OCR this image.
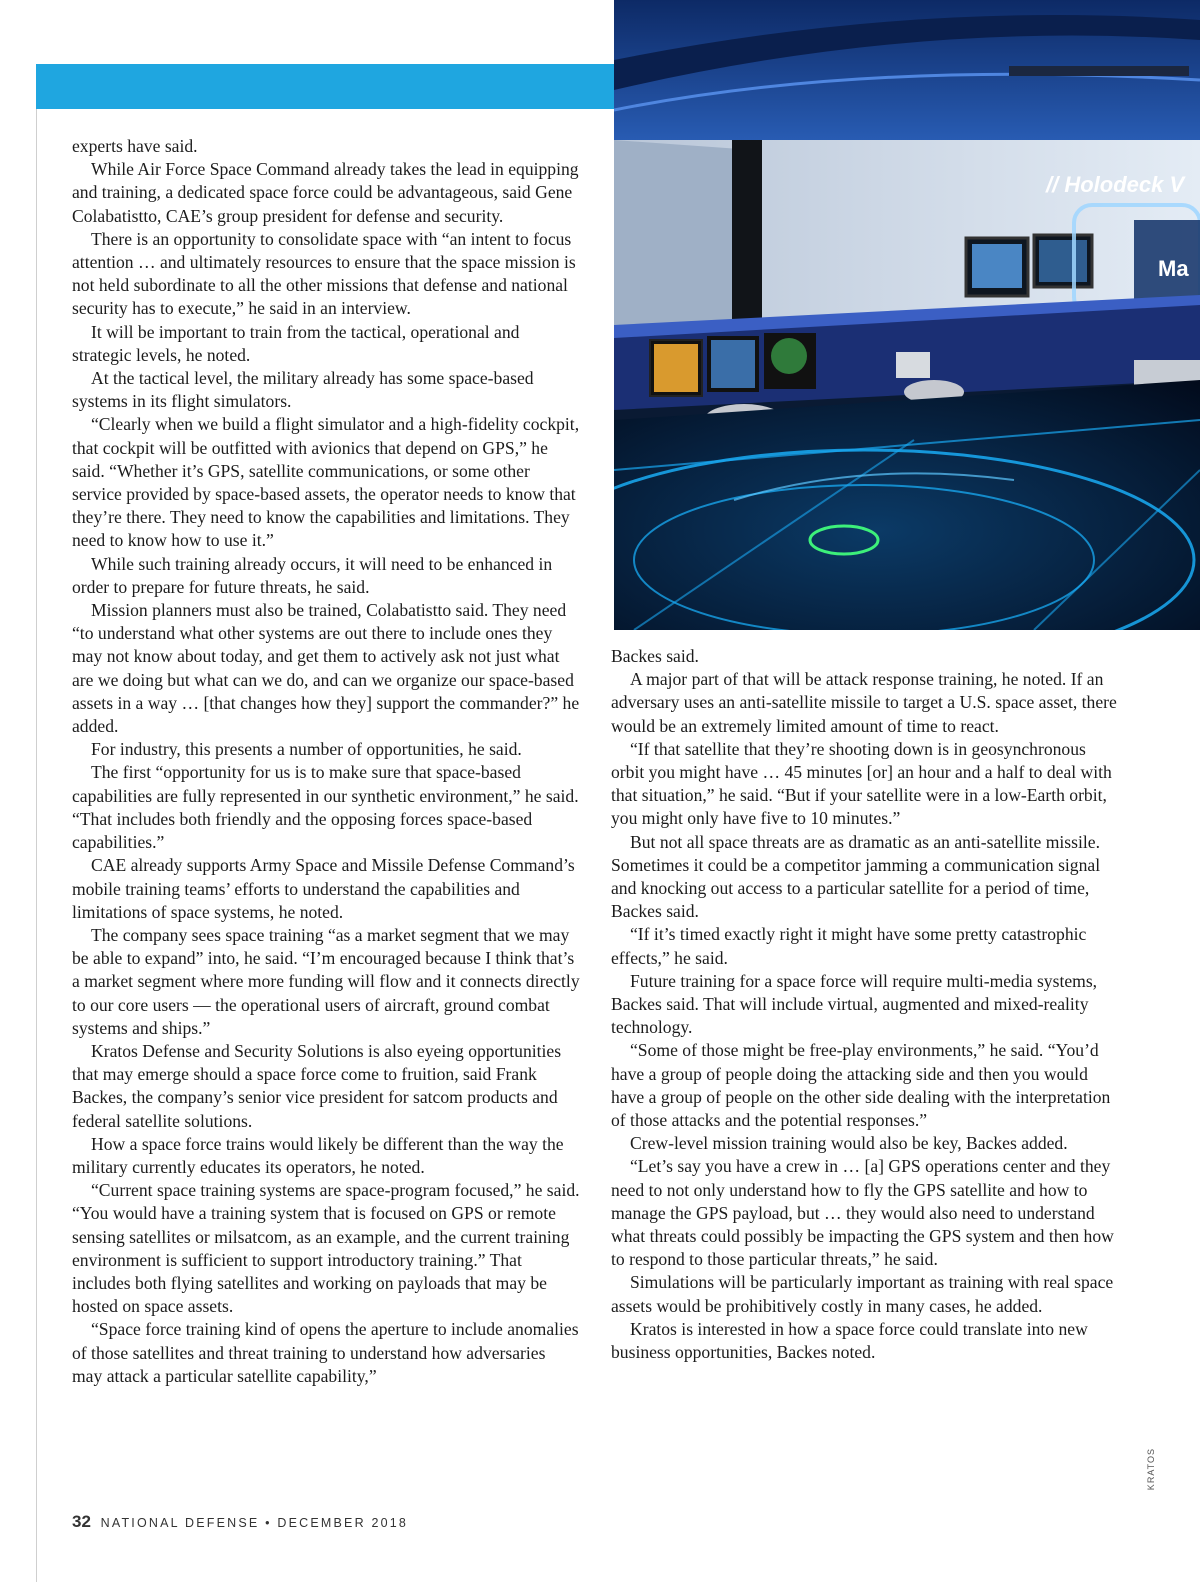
// Holodeck V
Ma
KRATOS

experts have said.

While Air Force Space Command already takes the lead in equipping and training, a dedicated space force could be advantageous, said Gene Colabatistto, CAE’s group president for defense and security.

There is an opportunity to consolidate space with “an intent to focus attention … and ultimately resources to ensure that the space mission is not held subordinate to all the other missions that defense and national security has to execute,” he said in an interview.

It will be important to train from the tactical, operational and strategic levels, he noted.

At the tactical level, the military already has some space-based systems in its flight simulators.

“Clearly when we build a flight simulator and a high-fidelity cockpit, that cockpit will be outfitted with avionics that depend on GPS,” he said. “Whether it’s GPS, satellite communications, or some other service provided by space-based assets, the operator needs to know that they’re there. They need to know the capabilities and limitations. They need to know how to use it.”

While such training already occurs, it will need to be enhanced in order to prepare for future threats, he said.

Mission planners must also be trained, Colabatistto said. They need “to understand what other systems are out there to include ones they may not know about today, and get them to actively ask not just what are we doing but what can we do, and can we organize our space-based assets in a way … [that changes how they] support the commander?” he added.

For industry, this presents a number of opportunities, he said.

The first “opportunity for us is to make sure that space-based capabilities are fully represented in our synthetic environment,” he said. “That includes both friendly and the opposing forces space-based capabilities.”

CAE already supports Army Space and Missile Defense Command’s mobile training teams’ efforts to understand the capabilities and limitations of space systems, he noted.

The company sees space training “as a market segment that we may be able to expand” into, he said. “I’m encouraged because I think that’s a market segment where more funding will flow and it connects directly to our core users — the operational users of aircraft, ground combat systems and ships.”

Kratos Defense and Security Solutions is also eyeing opportunities that may emerge should a space force come to fruition, said Frank Backes, the company’s senior vice president for satcom products and federal satellite solutions.

How a space force trains would likely be different than the way the military currently educates its operators, he noted.

“Current space training systems are space-program focused,” he said. “You would have a training system that is focused on GPS or remote sensing satellites or milsatcom, as an example, and the current training environment is sufficient to support introductory training.” That includes both flying satellites and working on payloads that may be hosted on space assets.

“Space force training kind of opens the aperture to include anomalies of those satellites and threat training to understand how adversaries may attack a particular satellite capability,”

Backes said.

A major part of that will be attack response training, he noted. If an adversary uses an anti-satellite missile to target a U.S. space asset, there would be an extremely limited amount of time to react.

“If that satellite that they’re shooting down is in geosynchronous orbit you might have … 45 minutes [or] an hour and a half to deal with that situation,” he said. “But if your satellite were in a low-Earth orbit, you might only have five to 10 minutes.”

But not all space threats are as dramatic as an anti-satellite missile. Sometimes it could be a competitor jamming a communication signal and knocking out access to a particular satellite for a period of time, Backes said.

“If it’s timed exactly right it might have some pretty catastrophic effects,” he said.

Future training for a space force will require multi-media systems, Backes said. That will include virtual, augmented and mixed-reality technology.

“Some of those might be free-play environments,” he said. “You’d have a group of people doing the attacking side and then you would have a group of people on the other side dealing with the interpretation of those attacks and the potential responses.”

Crew-level mission training would also be key, Backes added.

“Let’s say you have a crew in … [a] GPS operations center and they need to not only understand how to fly the GPS satellite and how to manage the GPS payload, but … they would also need to understand what threats could possibly be impacting the GPS system and then how to respond to those particular threats,” he said.

Simulations will be particularly important as training with real space assets would be prohibitively costly in many cases, he added.

Kratos is interested in how a space force could translate into new business opportunities, Backes noted.

32 NATIONAL DEFENSE • DECEMBER 2018
